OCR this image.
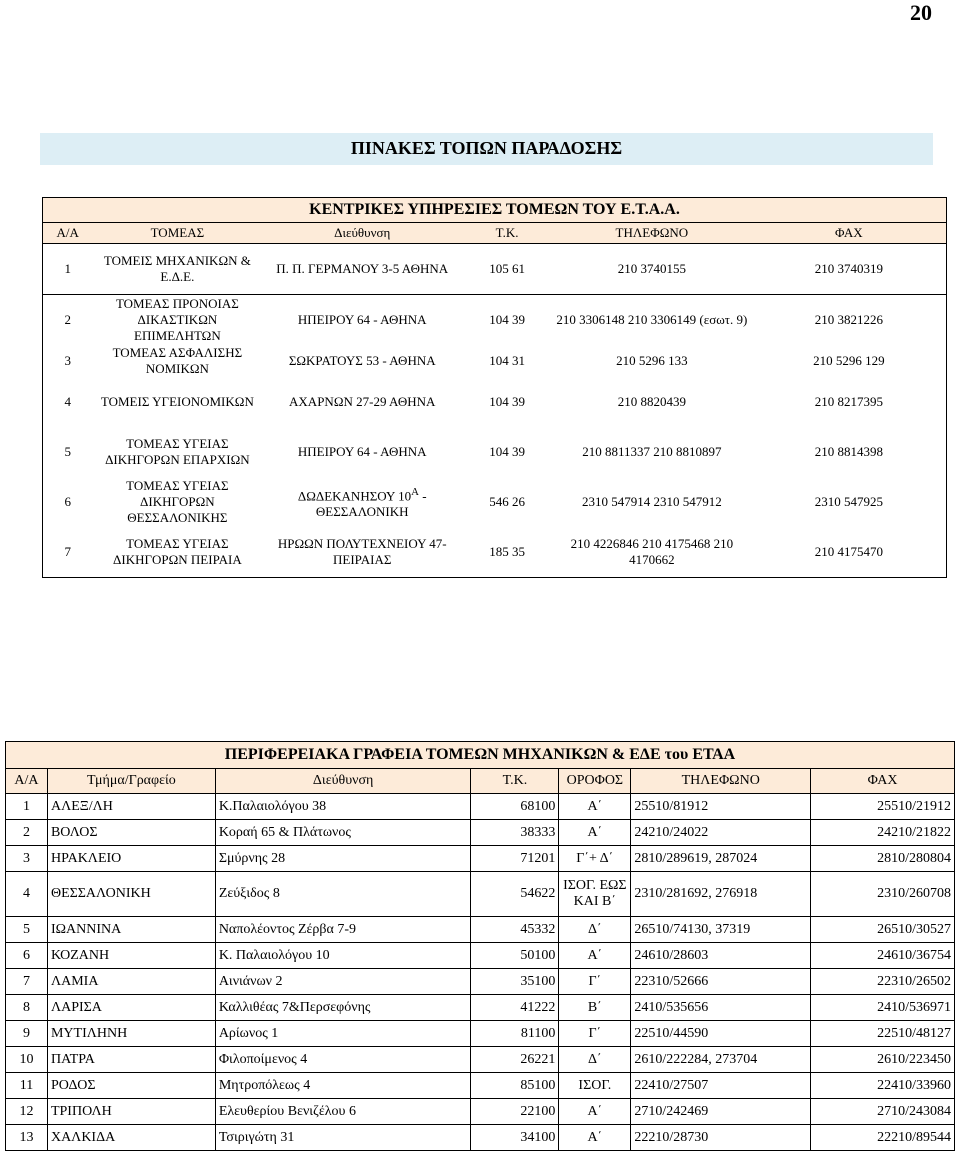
20
ΠΙΝΑΚΕΣ ΤΟΠΩΝ ΠΑΡΑΔΟΣΗΣ
ΚΕΝΤΡΙΚΕΣ ΥΠΗΡΕΣΙΕΣ ΤΟΜΕΩΝ ΤΟΥ Ε.Τ.Α.Α.					
Α/Α	ΤΟΜΕΑΣ	Διεύθυνση	Τ.Κ.	ΤΗΛΕΦΩΝΟ	ΦΑΧ
1	ΤΟΜΕΙΣ ΜΗΧΑΝΙΚΩΝ & Ε.Δ.Ε.	Π. Π. ΓΕΡΜΑΝΟΥ 3-5 ΑΘΗΝΑ	105 61	210 3740155	210 3740319
2	ΤΟΜΕΑΣ ΠΡΟΝΟΙΑΣ ΔΙΚΑΣΤΙΚΩΝ ΕΠΙΜΕΛΗΤΩΝ	ΗΠΕΙΡΟΥ 64 - ΑΘΗΝΑ	104 39	210 3306148 210 3306149 (εσωτ. 9)	210 3821226
3	ΤΟΜΕΑΣ ΑΣΦΑΛΙΣΗΣ ΝΟΜΙΚΩΝ	ΣΩΚΡΑΤΟΥΣ 53 - ΑΘΗΝΑ	104 31	210 5296 133	210 5296 129
4	ΤΟΜΕΙΣ ΥΓΕΙΟΝΟΜΙΚΩΝ	ΑΧΑΡΝΩΝ 27-29 ΑΘΗΝΑ	104 39	210 8820439	210 8217395
5	ΤΟΜΕΑΣ ΥΓΕΙΑΣ ΔΙΚΗΓΟΡΩΝ ΕΠΑΡΧΙΩΝ	ΗΠΕΙΡΟΥ 64 - ΑΘΗΝΑ	104 39	210 8811337 210 8810897	210 8814398
6	ΤΟΜΕΑΣ ΥΓΕΙΑΣ ΔΙΚΗΓΟΡΩΝ ΘΕΣΣΑΛΟΝΙΚΗΣ	ΔΩΔΕΚΑΝΗΣΟΥ $10^A$ - ΘΕΣΣΑΛΟΝΙΚΗ	546 26	2310 547914 2310 547912	2310 547925
7	ΤΟΜΕΑΣ ΥΓΕΙΑΣ ΔΙΚΗΓΟΡΩΝ ΠΕΙΡΑΙΑ	ΗΡΩΩΝ ΠΟΛΥΤΕΧΝΕΙΟΥ 47- ΠΕΙΡΑΙΑΣ	185 35	210 4226846 210 4175468 210 4170662	210 4175470
ΠΕΡΙΦΕΡΕΙΑΚΑ ΓΡΑΦΕΙΑ ΤΟΜΕΩΝ ΜΗΧΑΝΙΚΩΝ & ΕΔΕ του ΕΤΑΑ						
Α/Α	Τμήμα/Γραφείο	Διεύθυνση	Τ.Κ.	ΟΡΟΦΟΣ	ΤΗΛΕΦΩΝΟ	ΦΑΧ
1	ΑΛΕΞ/ΛΗ	Κ.Παλαιολόγου 38	68100	Α΄	25510/81912	25510/21912
2	ΒΟΛΟΣ	Κοραή 65 & Πλάτωνος	38333	Α΄	24210/24022	24210/21822
3	ΗΡΑΚΛΕΙΟ	Σμύρνης 28	71201	Γ΄+ Δ΄	2810/289619, 287024	2810/280804
4	ΘΕΣΣΑΛΟΝΙΚΗ	Ζεύξιδος 8	54622	ΙΣΟΓ. ΕΩΣ ΚΑΙ Β΄	2310/281692, 276918	2310/260708
5	ΙΩΑΝΝΙΝΑ	Ναπολέοντος Ζέρβα 7-9	45332	Δ΄	26510/74130, 37319	26510/30527
6	ΚΟΖΑΝΗ	Κ. Παλαιολόγου 10	50100	Α΄	24610/28603	24610/36754
7	ΛΑΜΙΑ	Αινιάνων 2	35100	Γ΄	22310/52666	22310/26502
8	ΛΑΡΙΣΑ	Καλλιθέας 7&Περσεφόνης	41222	Β΄	2410/535656	2410/536971
9	ΜΥΤΙΛΗΝΗ	Αρίωνος 1	81100	Γ΄	22510/44590	22510/48127
10	ΠΑΤΡΑ	Φιλοποίμενος 4	26221	Δ΄	2610/222284, 273704	2610/223450
11	ΡΟΔΟΣ	Μητροπόλεως 4	85100	ΙΣΟΓ.	22410/27507	22410/33960
12	ΤΡΙΠΟΛΗ	Ελευθερίου Βενιζέλου 6	22100	Α΄	2710/242469	2710/243084
13	ΧΑΛΚΙΔΑ	Τσιριγώτη 31	34100	Α΄	22210/28730	22210/89544
